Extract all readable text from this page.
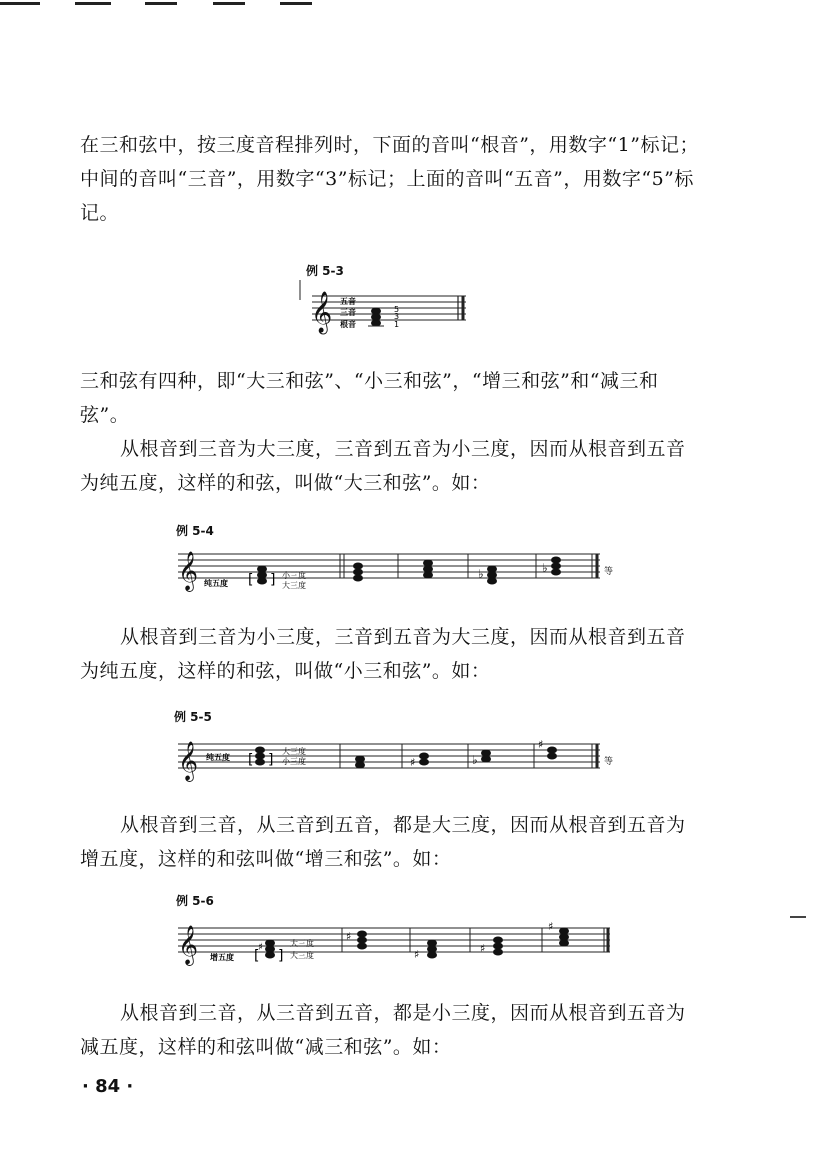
在三和弦中，按三度音程排列时，下面的音叫“根音”，用数字“1”标记；中间的音叫“三音”，用数字“3”标记；上面的音叫“五音”，用数字“5”标记。

例 5-3
𝄞 五音
三音
根音
5
3
1

三和弦有四种，即“大三和弦”、“小三和弦”，“增三和弦”和“减三和弦”。

从根音到三音为大三度，三音到五音为小三度，因而从根音到五音为纯五度，这样的和弦，叫做“大三和弦”。如：

例 5-4
𝄞 纯五度 [ ] 小三度
大三度
♭	♭	等

从根音到三音为小三度，三音到五音为大三度，因而从根音到五音为纯五度，这样的和弦，叫做“小三和弦”。如：

例 5-5
𝄞 纯五度 [ ]
大三度
小三度	♯	♭
♯
等

从根音到三音，从三音到五音，都是大三度，因而从根音到五音为增五度，这样的和弦叫做“增三和弦”。如：

例 5-6
𝄞 增五度 [
♯
]
大三度
大三度
♯
♯	♯
♯

从根音到三音，从三音到五音，都是小三度，因而从根音到五音为减五度，这样的和弦叫做“减三和弦”。如：

· 84 ·
